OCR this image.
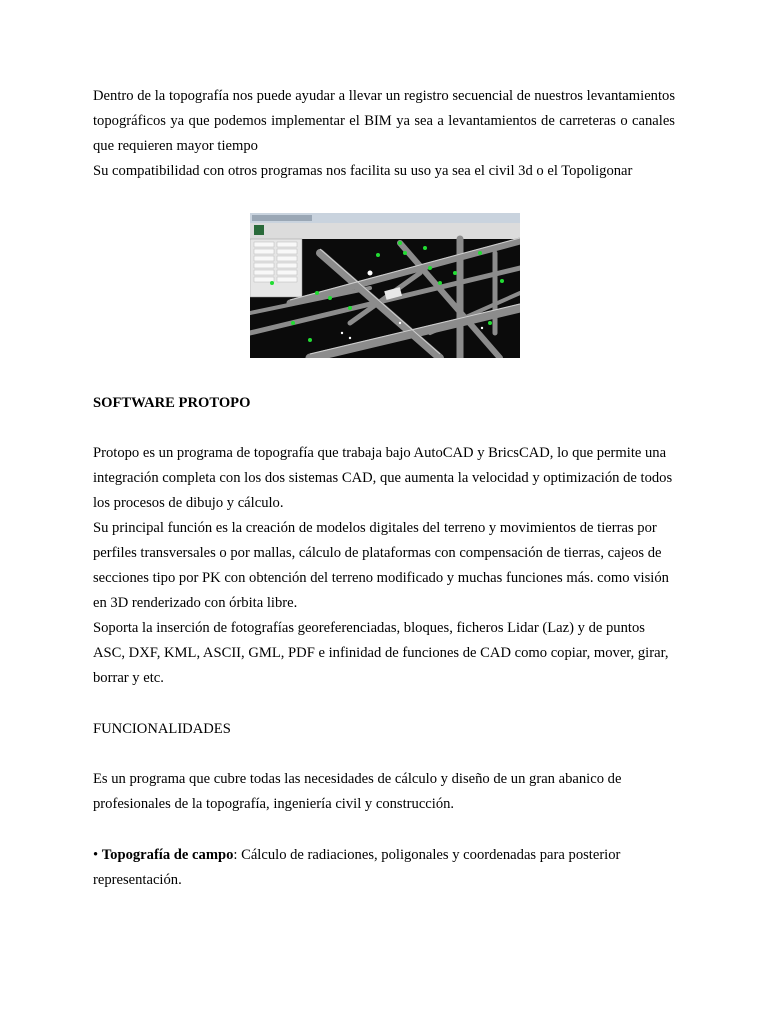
Dentro de la topografía nos puede ayudar a llevar un registro secuencial de nuestros levantamientos topográficos ya que podemos implementar el BIM ya sea a levantamientos de carreteras o canales que requieren mayor tiempo
Su compatibilidad con otros programas nos facilita su uso ya sea el civil 3d o el Topoligonar
SOFTWARE PROTOPO
Protopo es un programa de topografía que trabaja bajo AutoCAD y BricsCAD, lo que permite una integración completa con los dos sistemas CAD, que aumenta la velocidad y optimización de todos los procesos de dibujo y cálculo.
Su principal función es la creación de modelos digitales del terreno y movimientos de tierras por perfiles transversales o por mallas, cálculo de plataformas con compensación de tierras, cajeos de secciones tipo por PK con obtención del terreno modificado y muchas funciones más. como visión en 3D renderizado con órbita libre.
Soporta la inserción de fotografías georeferenciadas, bloques, ficheros Lidar (Laz) y de puntos ASC, DXF, KML, ASCII, GML, PDF e infinidad de funciones de CAD como copiar, mover, girar, borrar y etc.
FUNCIONALIDADES
Es un programa que cubre todas las necesidades de cálculo y diseño de un gran abanico de profesionales de la topografía, ingeniería civil y construcción.
• Topografía de campo: Cálculo de radiaciones, poligonales y coordenadas para posterior representación.
